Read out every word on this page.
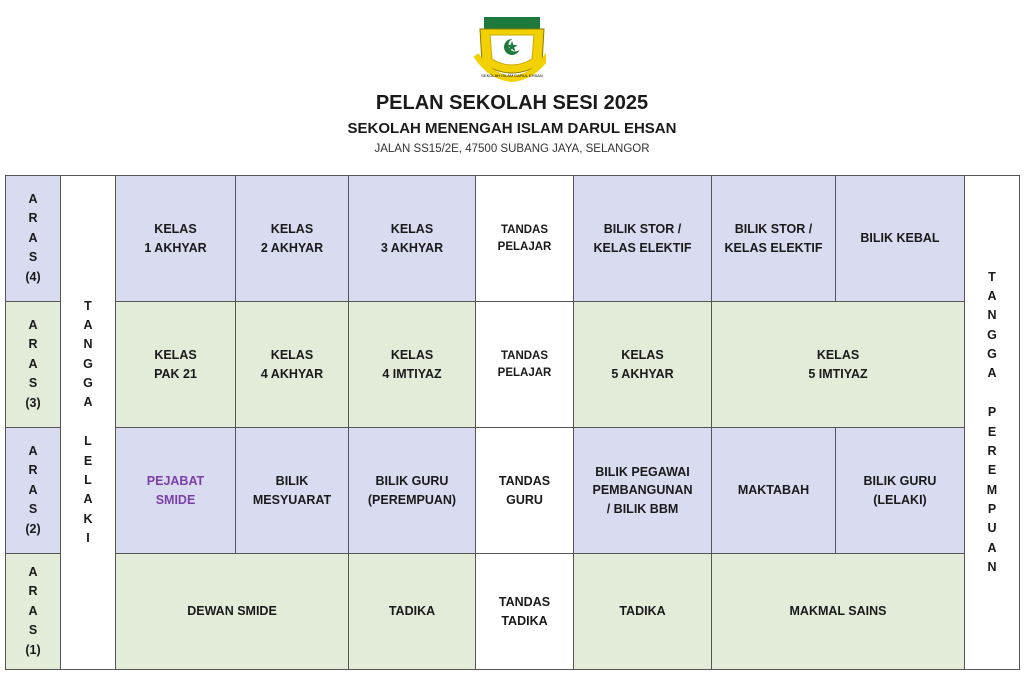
SEKOLAH ISLAM DARUL EHSAN
PELAN SEKOLAH SESI 2025
SEKOLAH MENENGAH ISLAM DARUL EHSAN
JALAN SS15/2E, 47500 SUBANG JAYA, SELANGOR
A
R
A
S
(4)
T
A
N
G
G
A

L
E
L
A
K
I
KELAS
1 AKHYAR
KELAS
2 AKHYAR
KELAS
3 AKHYAR
TANDAS
PELAJAR
BILIK STOR /
KELAS ELEKTIF
BILIK STOR /
KELAS ELEKTIF
BILIK KEBAL
T
A
N
G
G
A

P
E
R
E
M
P
U
A
N
A
R
A
S
(3)
KELAS
PAK 21
KELAS
4 AKHYAR
KELAS
4 IMTIYAZ
TANDAS
PELAJAR
KELAS
5 AKHYAR
KELAS
5 IMTIYAZ
A
R
A
S
(2)
PEJABAT
SMIDE
BILIK
MESYUARAT
BILIK GURU
(PEREMPUAN)
TANDAS
GURU
BILIK PEGAWAI
PEMBANGUNAN
/ BILIK BBM
MAKTABAH
BILIK GURU
(LELAKI)
A
R
A
S
(1)
DEWAN SMIDE	TADIKA
TANDAS
TADIKA
TADIKA	MAKMAL SAINS
